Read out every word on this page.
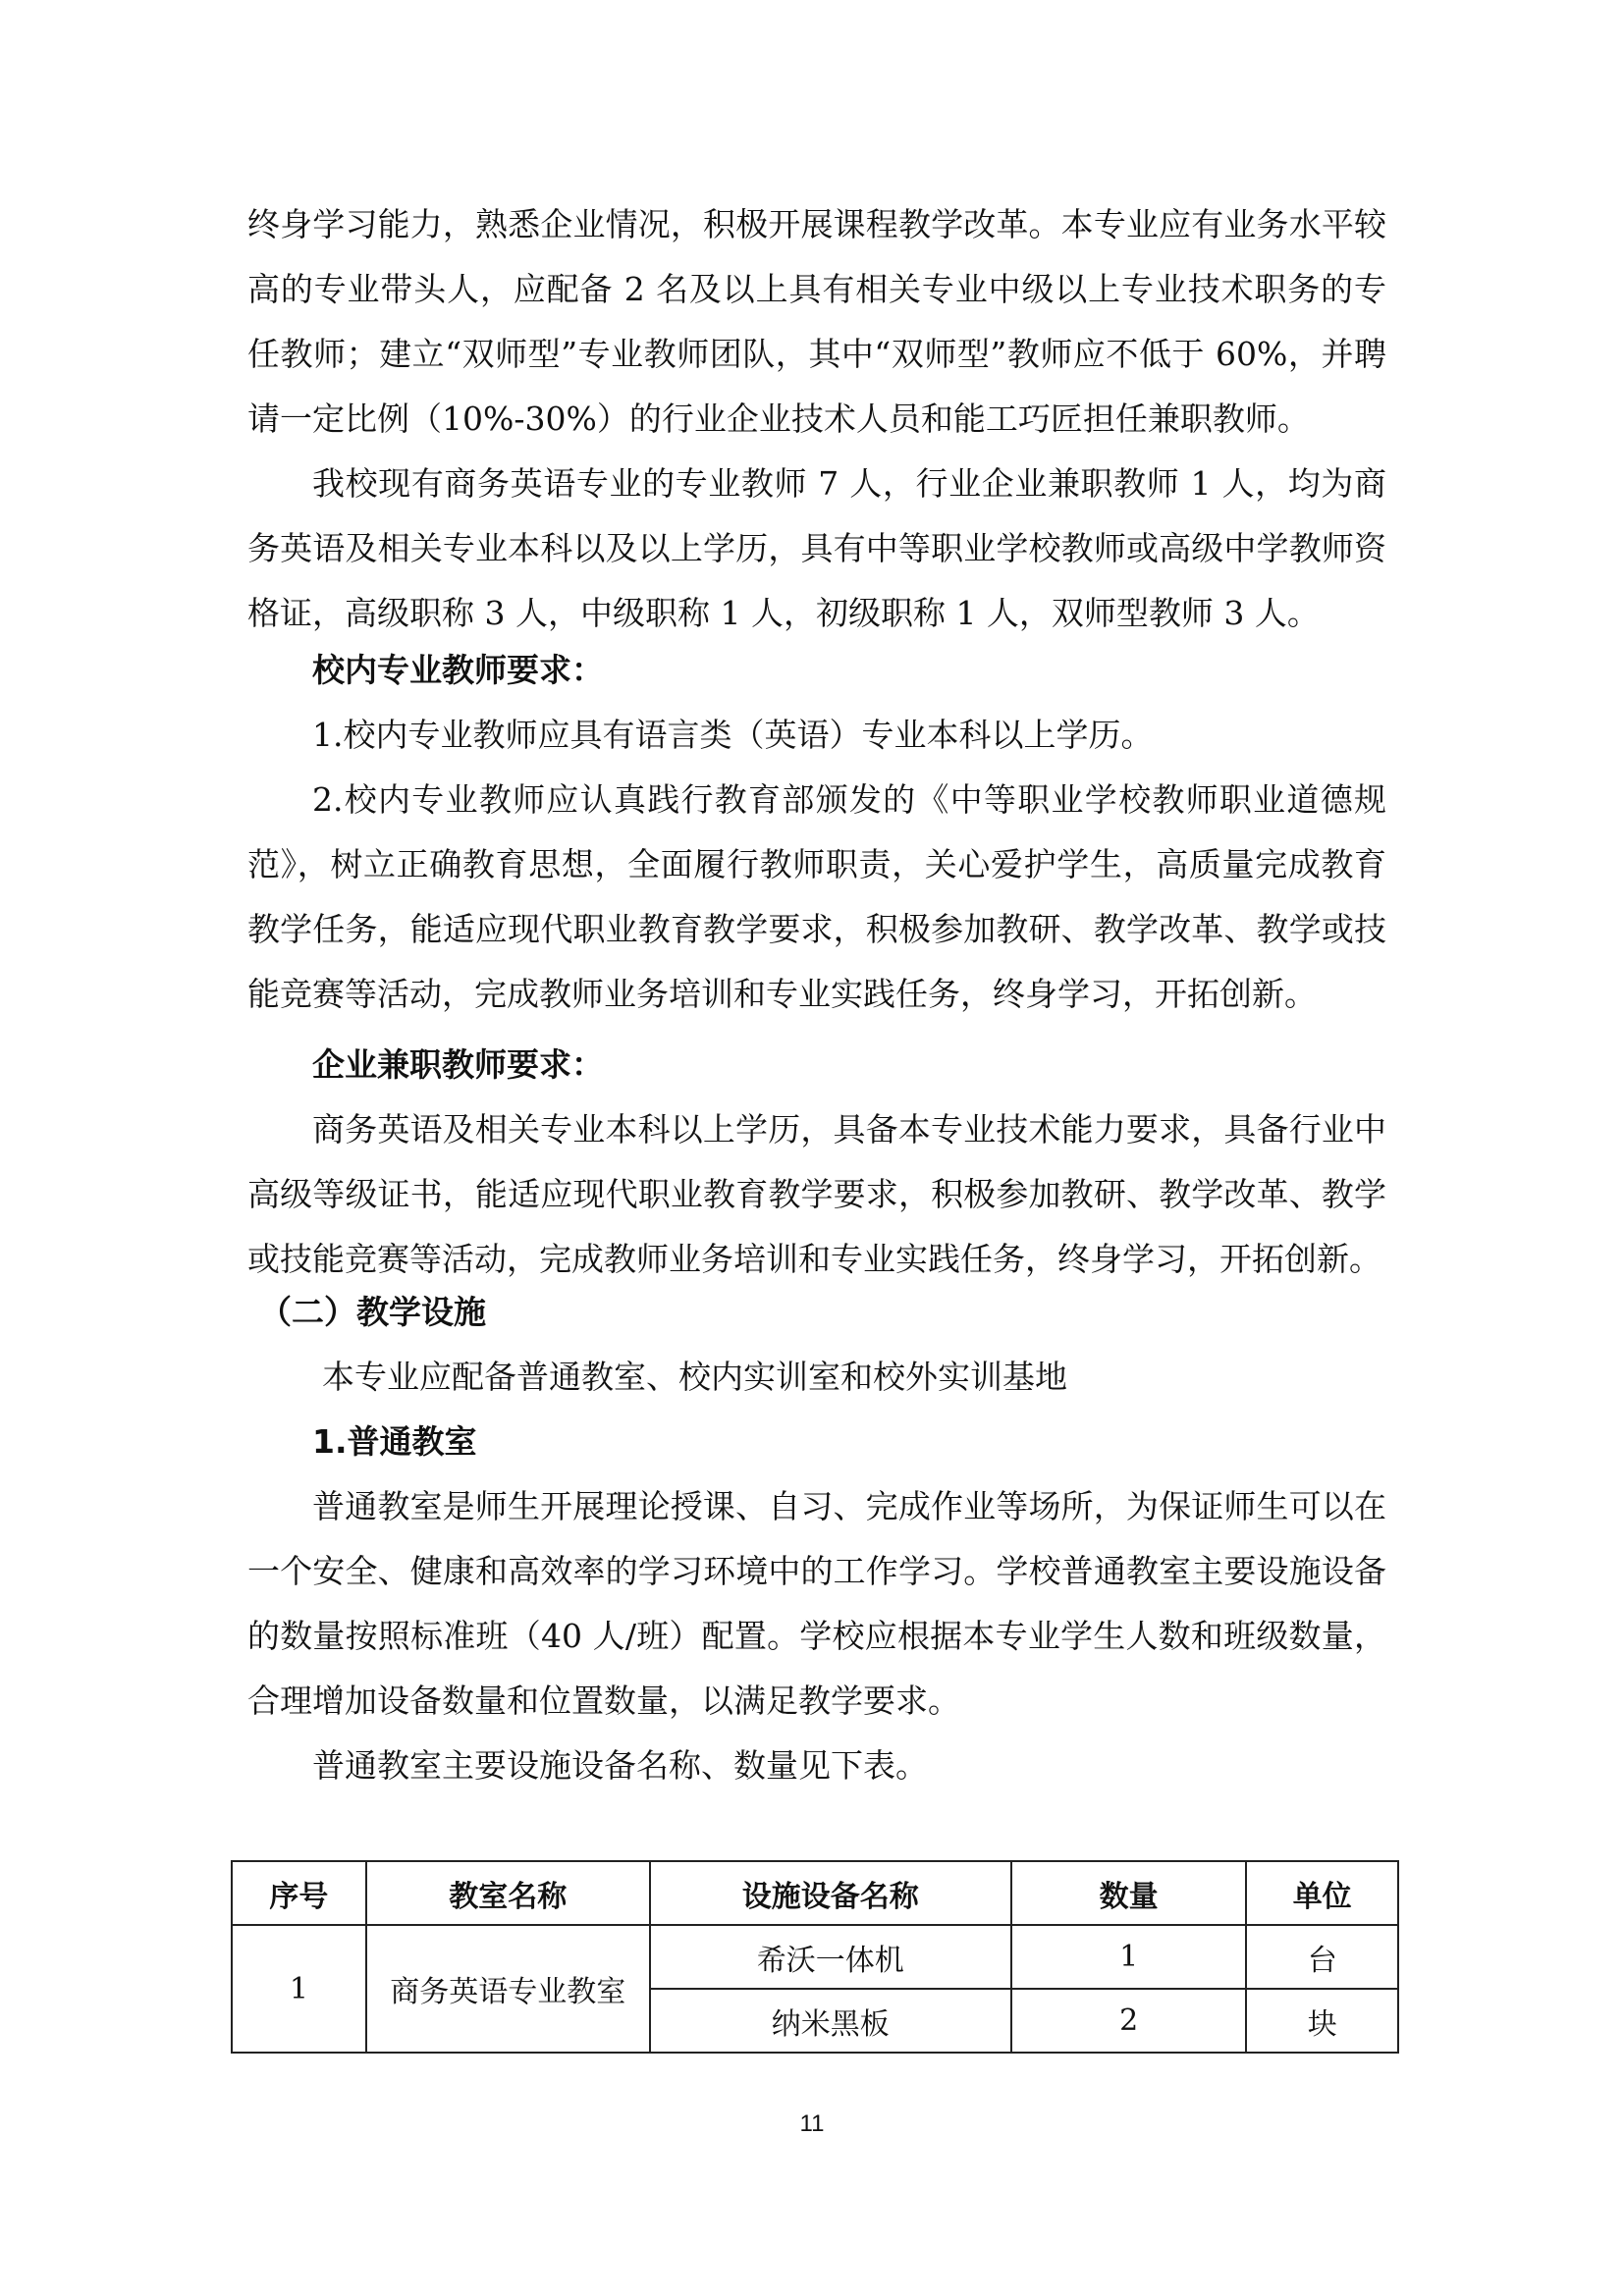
终身学习能力，熟悉企业情况，积极开展课程教学改革。本专业应有业务水平较高的专业带头人，应配备 2 名及以上具有相关专业中级以上专业技术职务的专任教师；建立“双师型”专业教师团队，其中“双师型”教师应不低于 60%，并聘请一定比例（10%-30%）的行业企业技术人员和能工巧匠担任兼职教师。

我校现有商务英语专业的专业教师 7 人，行业企业兼职教师 1 人，均为商务英语及相关专业本科以及以上学历，具有中等职业学校教师或高级中学教师资格证，高级职称 3 人，中级职称 1 人，初级职称 1 人，双师型教师 3 人。

校内专业教师要求：

1.校内专业教师应具有语言类（英语）专业本科以上学历。

2.校内专业教师应认真践行教育部颁发的《中等职业学校教师职业道德规范》，树立正确教育思想，全面履行教师职责，关心爱护学生，高质量完成教育教学任务，能适应现代职业教育教学要求，积极参加教研、教学改革、教学或技能竞赛等活动，完成教师业务培训和专业实践任务，终身学习，开拓创新。

企业兼职教师要求：

商务英语及相关专业本科以上学历，具备本专业技术能力要求，具备行业中高级等级证书，能适应现代职业教育教学要求，积极参加教研、教学改革、教学或技能竞赛等活动，完成教师业务培训和专业实践任务，终身学习，开拓创新。

（二）教学设施

本专业应配备普通教室、校内实训室和校外实训基地

1.普通教室

普通教室是师生开展理论授课、自习、完成作业等场所，为保证师生可以在一个安全、健康和高效率的学习环境中的工作学习。学校普通教室主要设施设备的数量按照标准班（40 人/班）配置。学校应根据本专业学生人数和班级数量，合理增加设备数量和位置数量，以满足教学要求。

普通教室主要设施设备名称、数量见下表。

序号	教室名称	设施设备名称	数量	单位
1	商务英语专业教室	希沃一体机	1	台
		纳米黑板	2	块
11
